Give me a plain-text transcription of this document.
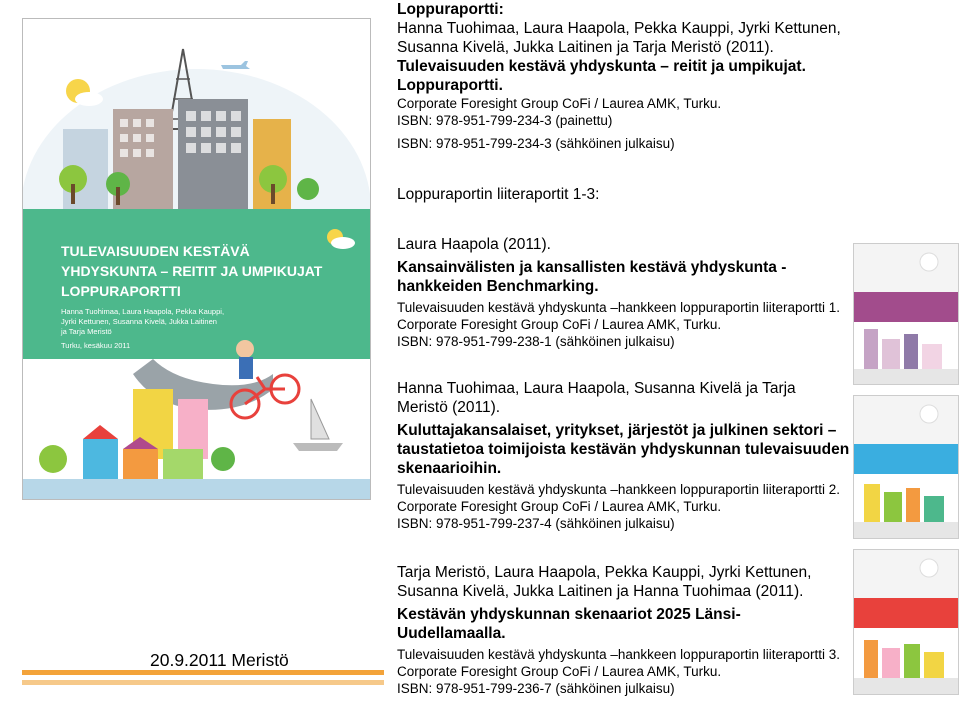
TULEVAISUUDEN KESTÄVÄ
YHDYSKUNTA – REITIT JA UMPIKUJAT
LOPPURAPORTTI
Hanna Tuohimaa, Laura Haapola, Pekka Kauppi,
Jyrki Kettunen, Susanna Kivelä, Jukka Laitinen
ja Tarja Meristö
Turku, kesäkuu 2011
Loppuraportti:
Hanna Tuohimaa, Laura Haapola, Pekka Kauppi, Jyrki Kettunen, Susanna Kivelä, Jukka Laitinen ja Tarja Meristö (2011).
Tulevaisuuden kestävä yhdyskunta – reitit ja umpikujat. Loppuraportti.
Corporate Foresight Group CoFi / Laurea AMK, Turku.
ISBN: 978-951-799-234-3 (painettu)
ISBN: 978-951-799-234-3 (sähköinen julkaisu)
Loppuraportin liiteraportit 1-3:
Laura Haapola (2011).
Kansainvälisten ja kansallisten kestävä yhdyskunta -hankkeiden Benchmarking.
Tulevaisuuden kestävä yhdyskunta –hankkeen loppuraportin liiteraportti 1.
Corporate Foresight Group CoFi / Laurea AMK, Turku.
ISBN: 978-951-799-238-1 (sähköinen julkaisu)
Hanna Tuohimaa, Laura Haapola, Susanna Kivelä ja Tarja Meristö (2011).
Kuluttajakansalaiset, yritykset, järjestöt ja julkinen sektori – taustatietoa toimijoista kestävän yhdyskunnan tulevaisuuden skenaarioihin.
Tulevaisuuden kestävä yhdyskunta –hankkeen loppuraportin liiteraportti 2.
Corporate Foresight Group CoFi / Laurea AMK, Turku.
ISBN: 978-951-799-237-4 (sähköinen julkaisu)
Tarja Meristö, Laura Haapola, Pekka Kauppi, Jyrki Kettunen, Susanna Kivelä, Jukka Laitinen ja Hanna Tuohimaa (2011).
Kestävän yhdyskunnan skenaariot 2025 Länsi-Uudellamaalla.
Tulevaisuuden kestävä yhdyskunta –hankkeen loppuraportin liiteraportti 3.
Corporate Foresight Group CoFi / Laurea AMK, Turku.
ISBN: 978-951-799-236-7 (sähköinen julkaisu)
20.9.2011 Meristö
